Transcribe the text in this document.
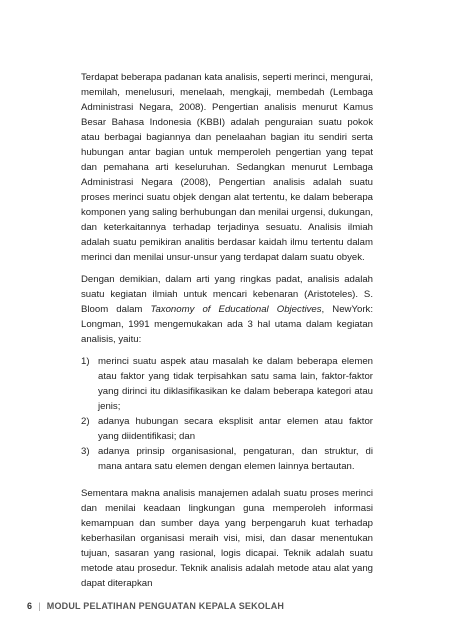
Terdapat beberapa padanan kata analisis, seperti merinci, mengurai, memilah, menelusuri, menelaah, mengkaji, membedah (Lembaga Administrasi Negara, 2008). Pengertian analisis menurut Kamus Besar Bahasa Indonesia (KBBI) adalah penguraian suatu pokok atau berbagai bagiannya dan penelaahan bagian itu sendiri serta hubungan antar bagian untuk memperoleh pengertian yang tepat dan pemahana arti keseluruhan. Sedangkan menurut Lembaga Administrasi Negara (2008), Pengertian analisis adalah suatu proses merinci suatu objek dengan alat tertentu, ke dalam beberapa komponen yang saling berhubungan dan menilai urgensi, dukungan, dan keterkaitannya terhadap terjadinya sesuatu. Analisis ilmiah adalah suatu pemikiran analitis berdasar kaidah ilmu tertentu dalam merinci dan menilai unsur-unsur yang terdapat dalam suatu obyek.

Dengan demikian, dalam arti yang ringkas padat, analisis adalah suatu kegiatan ilmiah untuk mencari kebenaran (Aristoteles). S. Bloom dalam Taxonomy of Educational Objectives, NewYork: Longman, 1991 mengemukakan ada 3 hal utama dalam kegiatan analisis, yaitu:

1) merinci suatu aspek atau masalah ke dalam beberapa elemen atau faktor yang tidak terpisahkan satu sama lain, faktor-faktor yang dirinci itu diklasifikasikan ke dalam beberapa kategori atau jenis;
2) adanya hubungan secara eksplisit antar elemen atau faktor yang diidentifikasi; dan
3) adanya prinsip organisasional, pengaturan, dan struktur, di mana antara satu elemen dengan elemen lainnya bertautan.

Sementara makna analisis manajemen adalah suatu proses merinci dan menilai keadaan lingkungan guna memperoleh informasi kemampuan dan sumber daya yang berpengaruh kuat terhadap keberhasilan organisasi meraih visi, misi, dan dasar menentukan tujuan, sasaran yang rasional, logis dicapai. Teknik adalah suatu metode atau prosedur. Teknik analisis adalah metode atau alat yang dapat diterapkan

6 | MODUL PELATIHAN PENGUATAN KEPALA SEKOLAH
